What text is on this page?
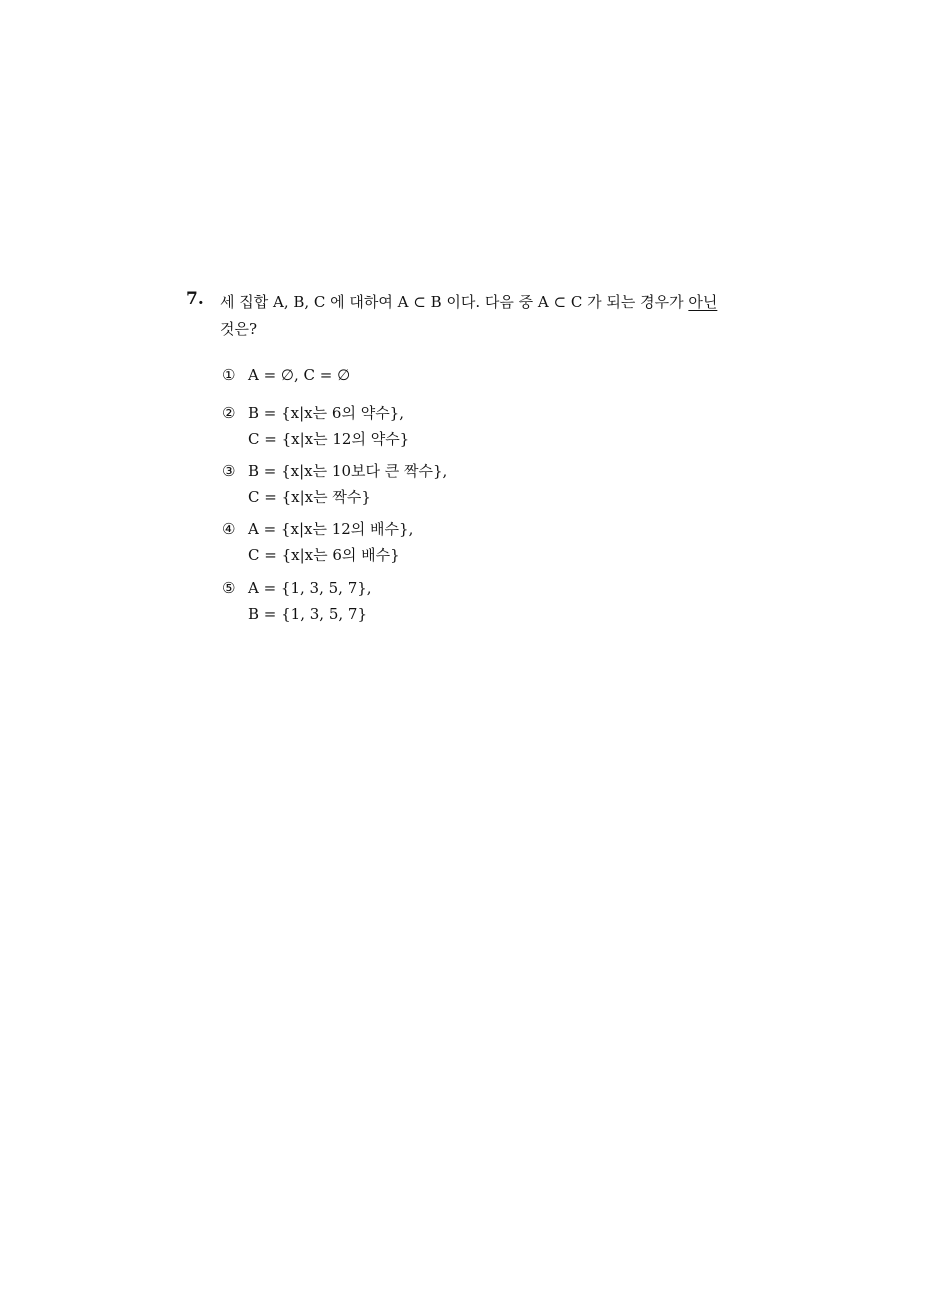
7. 세 집합 A, B, C 에 대하여 A ⊂ B 이다. 다음 중 A ⊂ C 가 되는 경우가 아닌
것은?
① A = ∅, C = ∅
② B = {x|x는 6의 약수},
C = {x|x는 12의 약수}
③ B = {x|x는 10보다 큰 짝수},
C = {x|x는 짝수}
④ A = {x|x는 12의 배수},
C = {x|x는 6의 배수}
⑤ A = {1, 3, 5, 7},
B = {1, 3, 5, 7}
